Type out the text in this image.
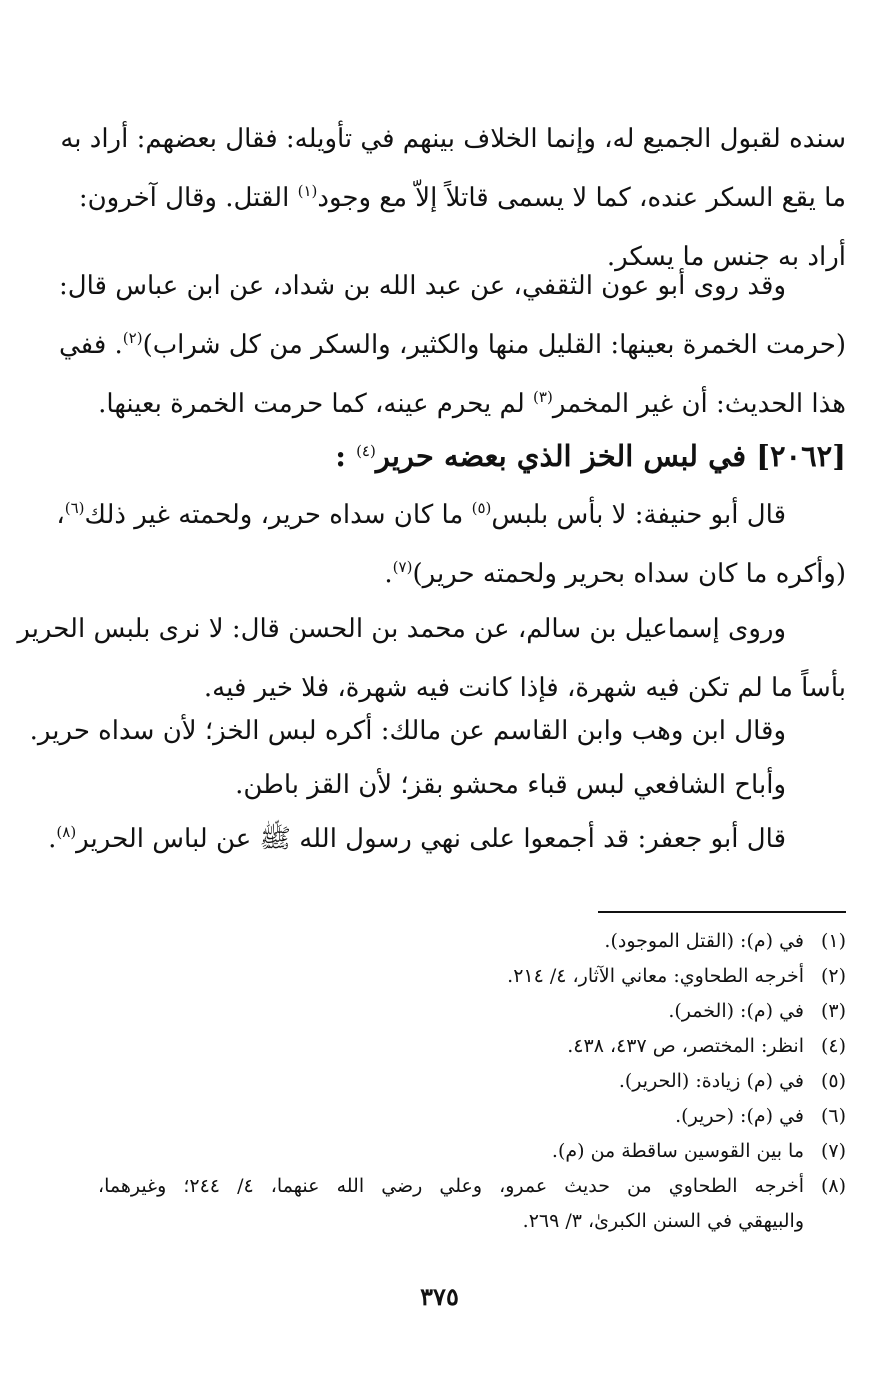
سنده لقبول الجميع له، وإنما الخلاف بينهم في تأويله: فقال بعضهم: أراد به
ما يقع السكر عنده، كما لا يسمى قاتلاً إلاّ مع وجود$^{(١)}$ القتل. وقال آخرون:
أراد به جنس ما يسكر.
وقد روى أبو عون الثقفي، عن عبد الله بن شداد، عن ابن عباس قال:
(حرمت الخمرة بعينها: القليل منها والكثير، والسكر من كل شراب)$^{(٢)}$. ففي
هذا الحديث: أن غير المخمر$^{(٣)}$ لم يحرم عينه، كما حرمت الخمرة بعينها.
[٢٠٦٢] في لبس الخز الذي بعضه حرير$^{(٤)}$ :
قال أبو حنيفة: لا بأس بلبس$^{(٥)}$ ما كان سداه حرير، ولحمته غير ذلك$^{(٦)}$،
(وأكره ما كان سداه بحرير ولحمته حرير)$^{(٧)}$.
وروى إسماعيل بن سالم، عن محمد بن الحسن قال: لا نرى بلبس الحرير
بأساً ما لم تكن فيه شهرة، فإذا كانت فيه شهرة، فلا خير فيه.
وقال ابن وهب وابن القاسم عن مالك: أكره لبس الخز؛ لأن سداه حرير.
وأباح الشافعي لبس قباء محشو بقز؛ لأن القز باطن.
قال أبو جعفر: قد أجمعوا على نهي رسول الله ﷺ عن لباس الحرير$^{(٨)}$.
(١)
في (م): (القتل الموجود).
(٢)
أخرجه الطحاوي: معاني الآثار، ٤/ ٢١٤.
(٣)
في (م): (الخمر).
(٤)
انظر: المختصر، ص ٤٣٧، ٤٣٨.
(٥)
في (م) زيادة: (الحرير).
(٦)
في (م): (حرير).
(٧)
ما بين القوسين ساقطة من (م).
(٨)
أخرجه الطحاوي من حديث عمرو، وعلي رضي الله عنهما، ٤/ ٢٤٤؛ وغيرهما،
والبيهقي في السنن الكبرىٰ، ٣/ ٢٦٩.
٣٧٥
